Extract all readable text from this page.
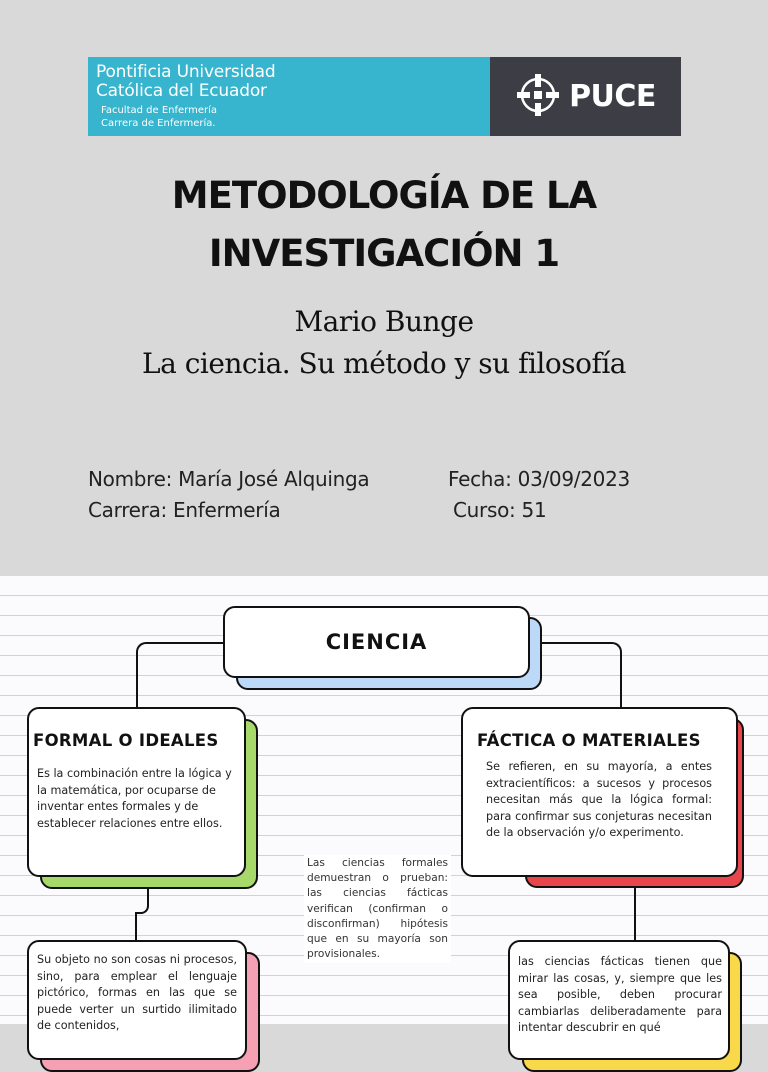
Pontificia Universidad
Católica del Ecuador
Facultad de Enfermería
Carrera de Enfermería.
PUCE
METODOLOGÍA DE LA
INVESTIGACIÓN 1
Mario Bunge
La ciencia. Su método y su filosofía
Nombre: María José Alquinga
Carrera: Enfermería
Fecha: 03/09/2023
Curso: 51
CIENCIA
FORMAL O IDEALES
Es la combinación entre la lógica y la matemática, por ocuparse de inventar entes formales y de establecer relaciones entre ellos.
FÁCTICA O MATERIALES
Se refieren, en su mayoría, a entes extracientíficos: a sucesos y procesos necesitan más que la lógica formal: para confirmar sus conjeturas necesitan de la observación y/o experimento.
Las ciencias formales demuestran o prueban: las ciencias fácticas verifican (confirman o disconfirman) hipótesis que en su mayoría son provisionales.
Su objeto no son cosas ni procesos, sino, para emplear el lenguaje pictórico, formas en las que se puede verter un surtido ilimitado de contenidos,
las ciencias fácticas tienen que mirar las cosas, y, siempre que les sea posible, deben procurar cambiarlas deliberadamente para intentar descubrir en qué
